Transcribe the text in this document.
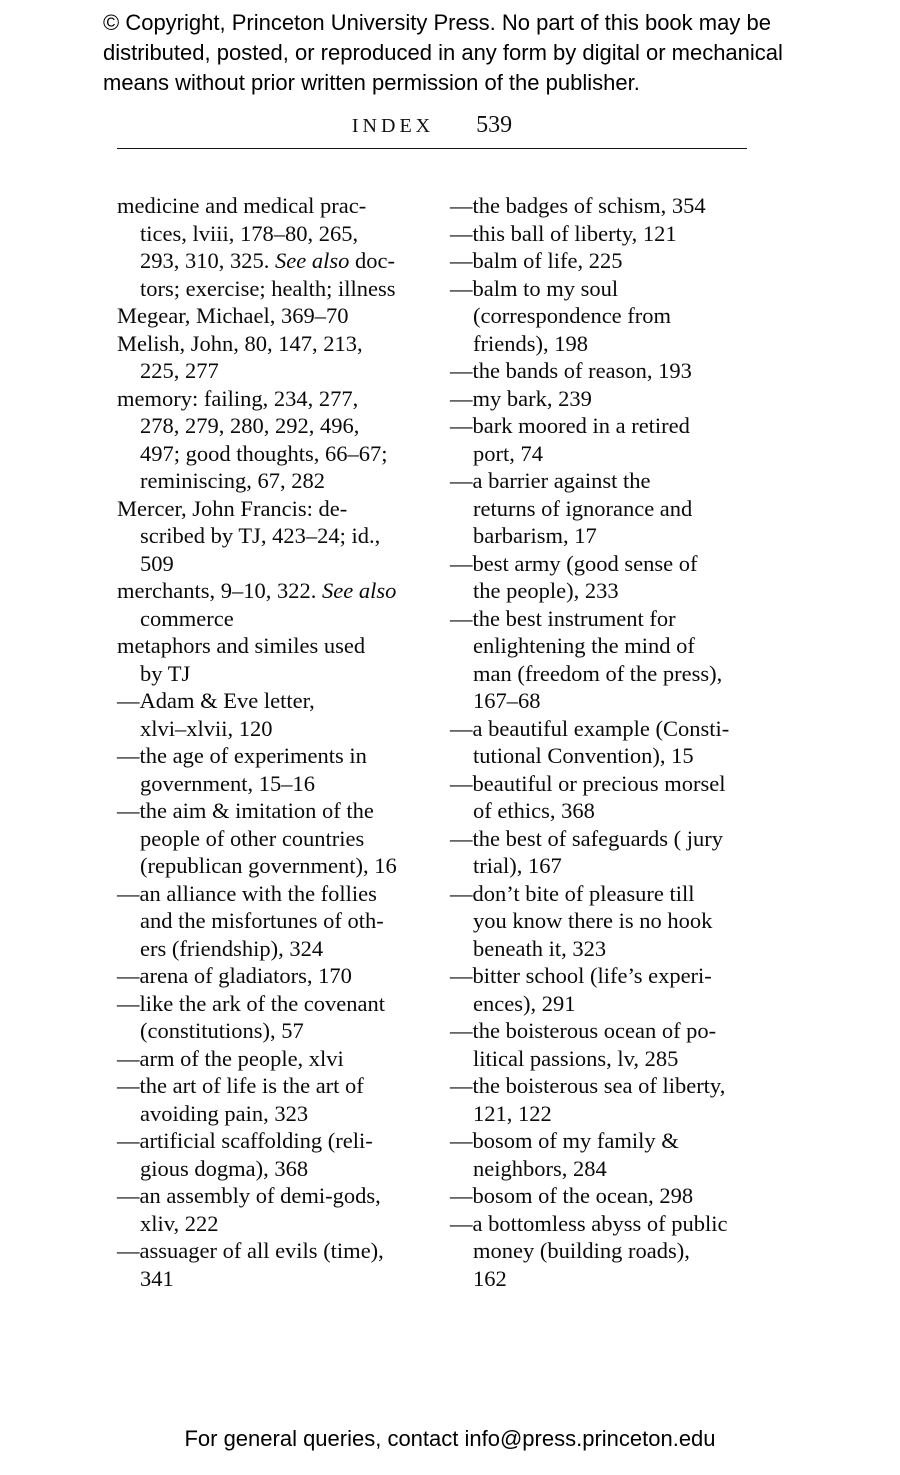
© Copyright, Princeton University Press. No part of this book may be
distributed, posted, or reproduced in any form by digital or mechanical
means without prior written permission of the publisher.
INDEX 539
medicine and medical prac-
tices, lviii, 178–80, 265,
293, 310, 325. See also doc-
tors; exercise; health; illness
Megear, Michael, 369–70
Melish, John, 80, 147, 213,
225, 277
memory: failing, 234, 277,
278, 279, 280, 292, 496,
497; good thoughts, 66–67;
reminiscing, 67, 282
Mercer, John Francis: de-
scribed by TJ, 423–24; id.,
509
merchants, 9–10, 322. See also
commerce
metaphors and similes used
by TJ
—Adam & Eve letter,
xlvi–xlvii, 120
—the age of experiments in
government, 15–16
—the aim & imitation of the
people of other countries
(republican government), 16
—an alliance with the follies
and the misfortunes of oth-
ers (friendship), 324
—arena of gladiators, 170
—like the ark of the covenant
(constitutions), 57
—arm of the people, xlvi
—the art of life is the art of
avoiding pain, 323
—artificial scaffolding (reli-
gious dogma), 368
—an assembly of demi-gods,
xliv, 222
—assuager of all evils (time),
341
—the badges of schism, 354
—this ball of liberty, 121
—balm of life, 225
—balm to my soul
(correspondence from
friends), 198
—the bands of reason, 193
—my bark, 239
—bark moored in a retired
port, 74
—a barrier against the
returns of ignorance and
barbarism, 17
—best army (good sense of
the people), 233
—the best instrument for
enlightening the mind of
man (freedom of the press),
167–68
—a beautiful example (Consti-
tutional Convention), 15
—beautiful or precious morsel
of ethics, 368
—the best of safeguards ( jury
trial), 167
—don’t bite of pleasure till
you know there is no hook
beneath it, 323
—bitter school (life’s experi-
ences), 291
—the boisterous ocean of po-
litical passions, lv, 285
—the boisterous sea of liberty,
121, 122
—bosom of my family &
neighbors, 284
—bosom of the ocean, 298
—a bottomless abyss of public
money (building roads),
162
For general queries, contact info@press.princeton.edu
